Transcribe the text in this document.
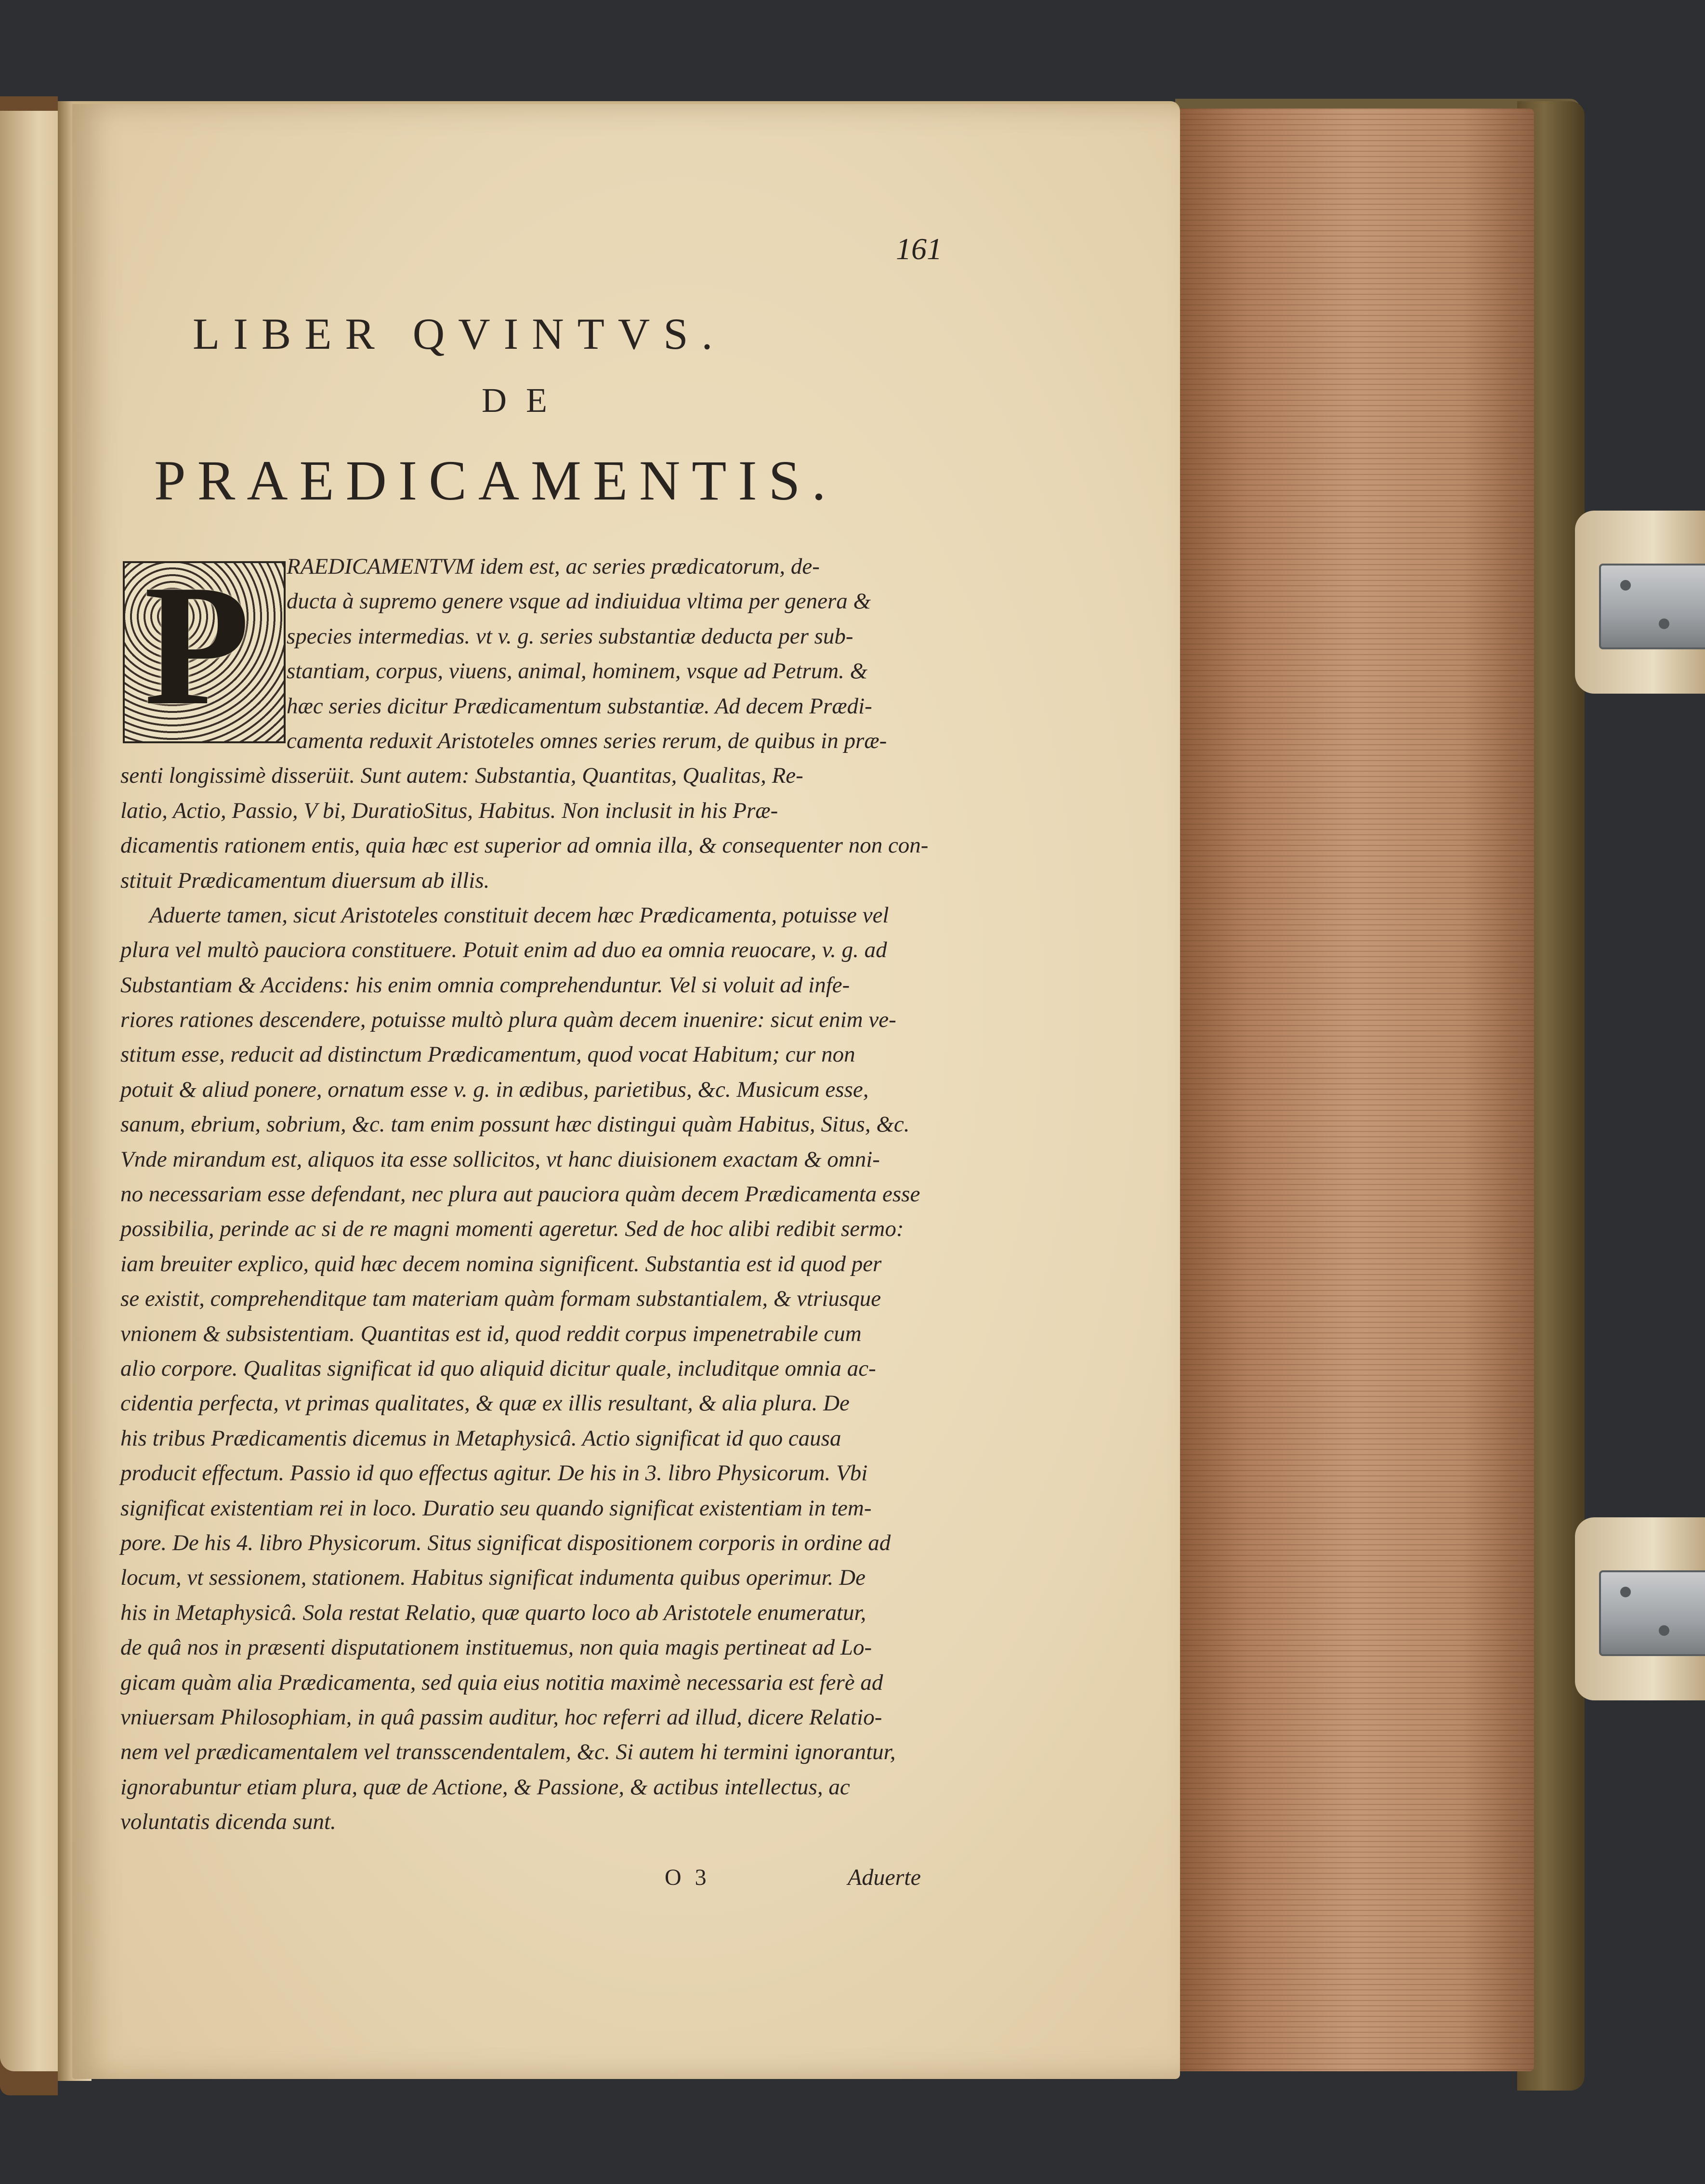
161
LIBER QVINTVS.
DE
PRAEDICAMENTIS.
P	RAEDICAMENTVM idem est, ac series prædicatorum, de-
ducta à supremo genere vsque ad indiuidua vltima per genera &
species intermedias. vt v. g. series substantiæ deducta per sub-
stantiam, corpus, viuens, animal, hominem, vsque ad Petrum. &
hæc series dicitur Prædicamentum substantiæ. Ad decem Prædi-
camenta reduxit Aristoteles omnes series rerum, de quibus in præ-
senti longissimè disserüit. Sunt autem: Substantia, Quantitas, Qualitas, Re-
latio, Actio, Passio, V bi, DuratioSitus, Habitus. Non inclusit in his Præ-
dicamentis rationem entis, quia hæc est superior ad omnia illa, & consequenter non con-
stituit Prædicamentum diuersum ab illis.
Aduerte tamen, sicut Aristoteles constituit decem hæc Prædicamenta, potuisse vel
plura vel multò pauciora constituere. Potuit enim ad duo ea omnia reuocare, v. g. ad
Substantiam & Accidens: his enim omnia comprehenduntur. Vel si voluit ad infe-
riores rationes descendere, potuisse multò plura quàm decem inuenire: sicut enim ve-
stitum esse, reducit ad distinctum Prædicamentum, quod vocat Habitum; cur non
potuit & aliud ponere, ornatum esse v. g. in ædibus, parietibus, &c. Musicum esse,
sanum, ebrium, sobrium, &c. tam enim possunt hæc distingui quàm Habitus, Situs, &c.
Vnde mirandum est, aliquos ita esse sollicitos, vt hanc diuisionem exactam & omni-
no necessariam esse defendant, nec plura aut pauciora quàm decem Prædicamenta esse
possibilia, perinde ac si de re magni momenti ageretur. Sed de hoc alibi redibit sermo:
iam breuiter explico, quid hæc decem nomina significent. Substantia est id quod per
se existit, comprehenditque tam materiam quàm formam substantialem, & vtriusque
vnionem & subsistentiam. Quantitas est id, quod reddit corpus impenetrabile cum
alio corpore. Qualitas significat id quo aliquid dicitur quale, includitque omnia ac-
cidentia perfecta, vt primas qualitates, & quæ ex illis resultant, & alia plura. De
his tribus Prædicamentis dicemus in Metaphysicâ. Actio significat id quo causa
producit effectum. Passio id quo effectus agitur. De his in 3. libro Physicorum. Vbi
significat existentiam rei in loco. Duratio seu quando significat existentiam in tem-
pore. De his 4. libro Physicorum. Situs significat dispositionem corporis in ordine ad
locum, vt sessionem, stationem. Habitus significat indumenta quibus operimur. De
his in Metaphysicâ. Sola restat Relatio, quæ quarto loco ab Aristotele enumeratur,
de quâ nos in præsenti disputationem instituemus, non quia magis pertineat ad Lo-
gicam quàm alia Prædicamenta, sed quia eius notitia maximè necessaria est ferè ad
vniuersam Philosophiam, in quâ passim auditur, hoc referri ad illud, dicere Relatio-
nem vel prædicamentalem vel transscendentalem, &c. Si autem hi termini ignorantur,
ignorabuntur etiam plura, quæ de Actione, & Passione, & actibus intellectus, ac
voluntatis dicenda sunt.
O 3	Aduerte
